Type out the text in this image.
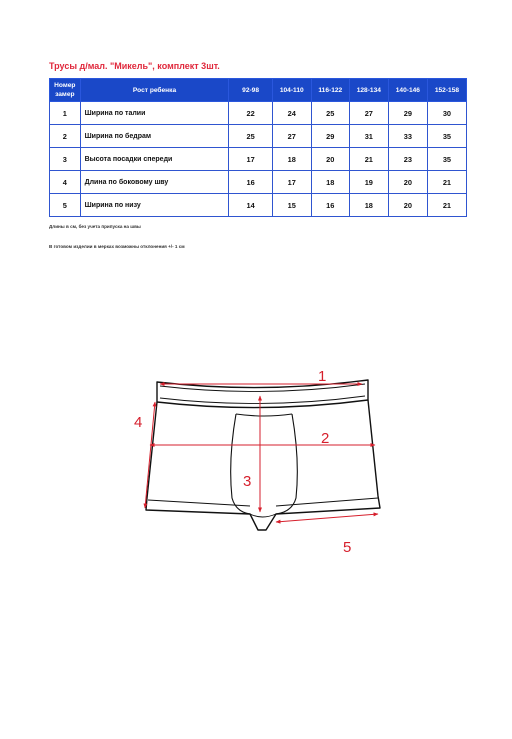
Трусы д/мал. "Микель", комплект 3шт.
Номер замер	Рост ребенка	92-98	104-110	116-122	128-134	140-146	152-158
1	Ширина по талии	22	24	25	27	29	30
2	Ширина по бедрам	25	27	29	31	33	35
3	Высота посадки спереди	17	18	20	21	23	35
4	Длина по боковому шву	16	17	18	19	20	21
5	Ширина по низу	14	15	16	18	20	21
Длины в см, без учета припуска на швы
В готовом изделии в мерках возможны отклонения +/- 1 см
1
2
3
4
5
